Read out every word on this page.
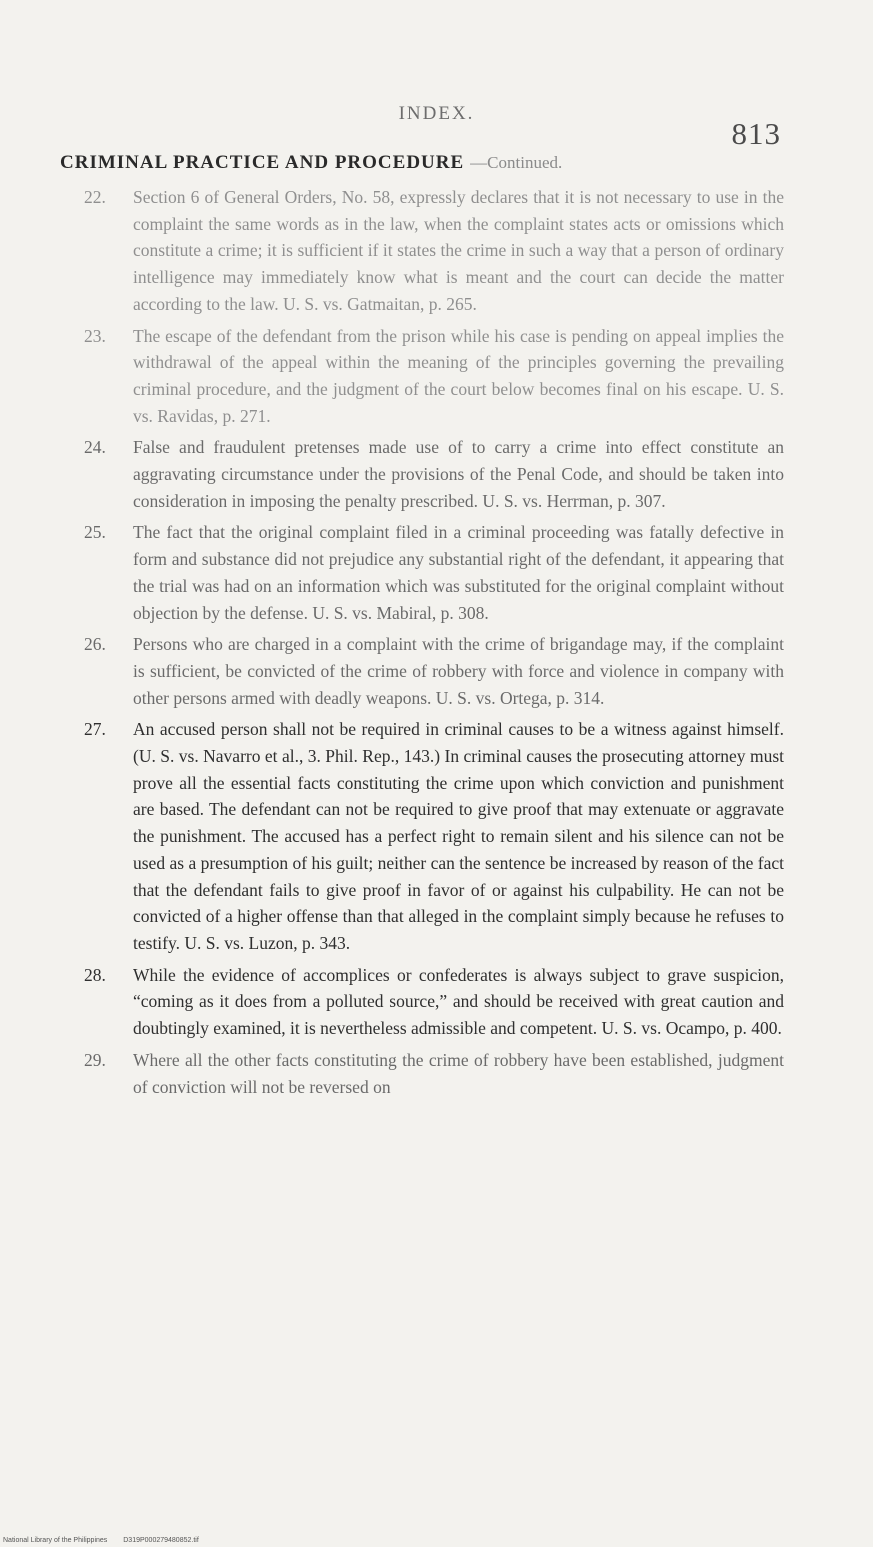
INDEX.
813
CRIMINAL PRACTICE AND PROCEDURE —Continued.

22. Section 6 of General Orders, No. 58, expressly declares that it is not necessary to use in the complaint the same words as in the law, when the complaint states acts or omissions which constitute a crime; it is sufficient if it states the crime in such a way that a person of ordinary intelligence may immediately know what is meant and the court can decide the matter according to the law. U. S. vs. Gatmaitan, p. 265.

23. The escape of the defendant from the prison while his case is pending on appeal implies the withdrawal of the appeal within the meaning of the principles governing the prevailing criminal procedure, and the judgment of the court below becomes final on his escape. U. S. vs. Ravidas, p. 271.

24. False and fraudulent pretenses made use of to carry a crime into effect constitute an aggravating circumstance under the provisions of the Penal Code, and should be taken into consideration in imposing the penalty prescribed. U. S. vs. Herrman, p. 307.

25. The fact that the original complaint filed in a criminal proceeding was fatally defective in form and substance did not prejudice any substantial right of the defendant, it appearing that the trial was had on an information which was substituted for the original complaint without objection by the defense. U. S. vs. Mabiral, p. 308.

26. Persons who are charged in a complaint with the crime of brigandage may, if the complaint is sufficient, be convicted of the crime of robbery with force and violence in company with other persons armed with deadly weapons. U. S. vs. Ortega, p. 314.

27. An accused person shall not be required in criminal causes to be a witness against himself. (U. S. vs. Navarro et al., 3. Phil. Rep., 143.) In criminal causes the prosecuting attorney must prove all the essential facts constituting the crime upon which conviction and punishment are based. The defendant can not be required to give proof that may extenuate or aggravate the punishment. The accused has a perfect right to remain silent and his silence can not be used as a presumption of his guilt; neither can the sentence be increased by reason of the fact that the defendant fails to give proof in favor of or against his culpability. He can not be convicted of a higher offense than that alleged in the complaint simply because he refuses to testify. U. S. vs. Luzon, p. 343.

28. While the evidence of accomplices or confederates is always subject to grave suspicion, “coming as it does from a polluted source,” and should be received with great caution and doubtingly examined, it is nevertheless admissible and competent. U. S. vs. Ocampo, p. 400.

29. Where all the other facts constituting the crime of robbery have been established, judgment of conviction will not be reversed on

National Library of the Philippines D319P000279480852.tif
